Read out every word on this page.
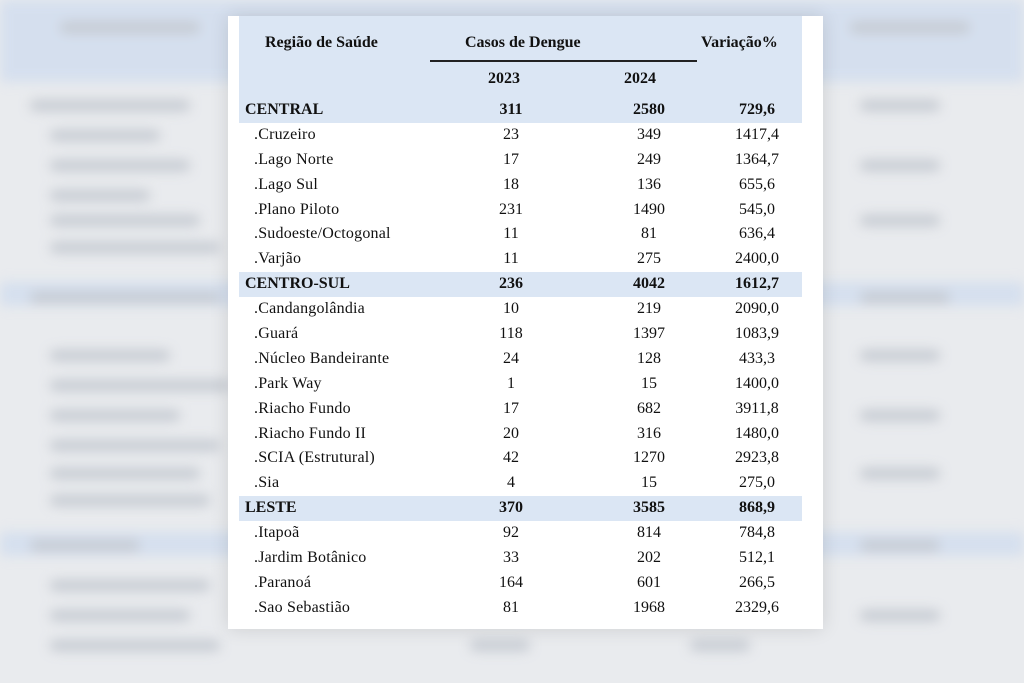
Região de Saúde	Casos de Dengue	Variação%
2023	2024
CENTRAL	311	2580	729,6
.Cruzeiro	23	349	1417,4
.Lago Norte	17	249	1364,7
.Lago Sul	18	136	655,6
.Plano Piloto	231	1490	545,0
.Sudoeste/Octogonal	11	81	636,4
.Varjão	11	275	2400,0
CENTRO-SUL	236	4042	1612,7
.Candangolândia	10	219	2090,0
.Guará	118	1397	1083,9
.Núcleo Bandeirante	24	128	433,3
.Park Way	1	15	1400,0
.Riacho Fundo	17	682	3911,8
.Riacho Fundo II	20	316	1480,0
.SCIA (Estrutural)	42	1270	2923,8
.Sia	4	15	275,0
LESTE	370	3585	868,9
.Itapoã	92	814	784,8
.Jardim Botânico	33	202	512,1
.Paranoá	164	601	266,5
.Sao Sebastião	81	1968	2329,6
